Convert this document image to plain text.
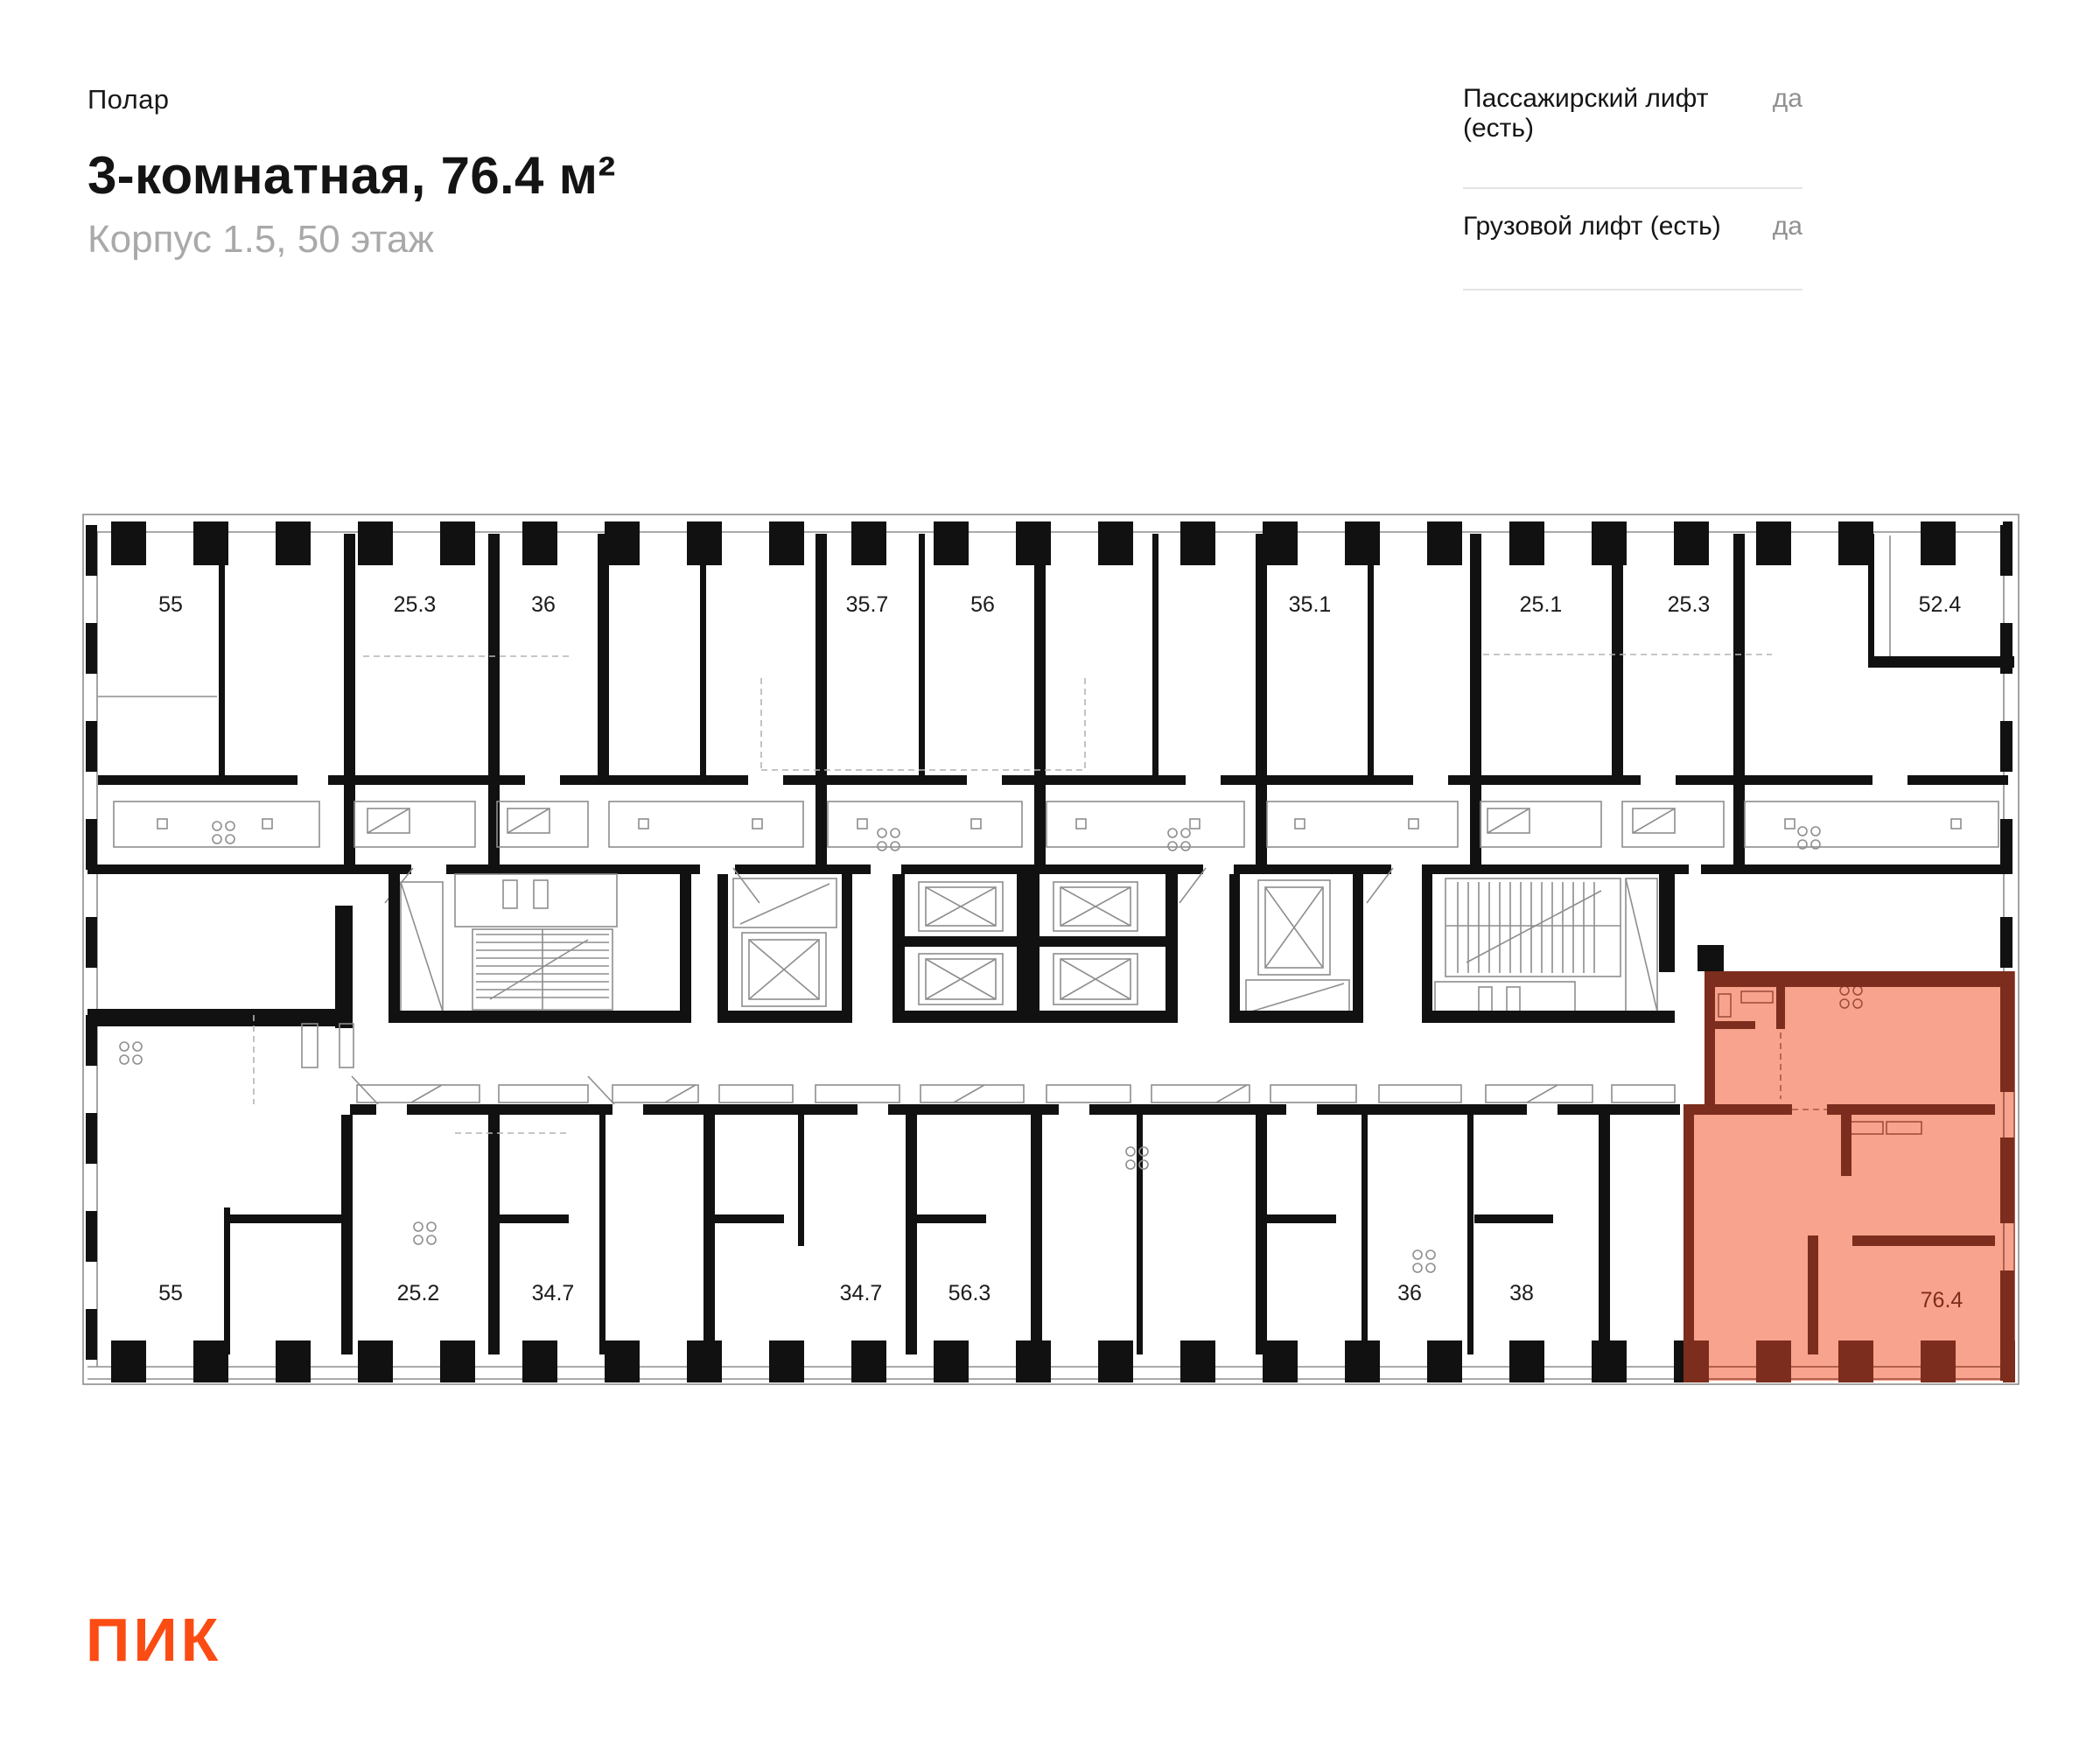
Полар
3-комнатная, 76.4 м²
Корпус 1.5, 50 этаж
Пассажирский лифт (есть)
да
Грузовой лифт (есть) да
55	25.3	36	35.7	56	35.1	25.1	25.3	52.4
55	25.2	34.7	34.7	56.3	36	38	76.4
ПИК
